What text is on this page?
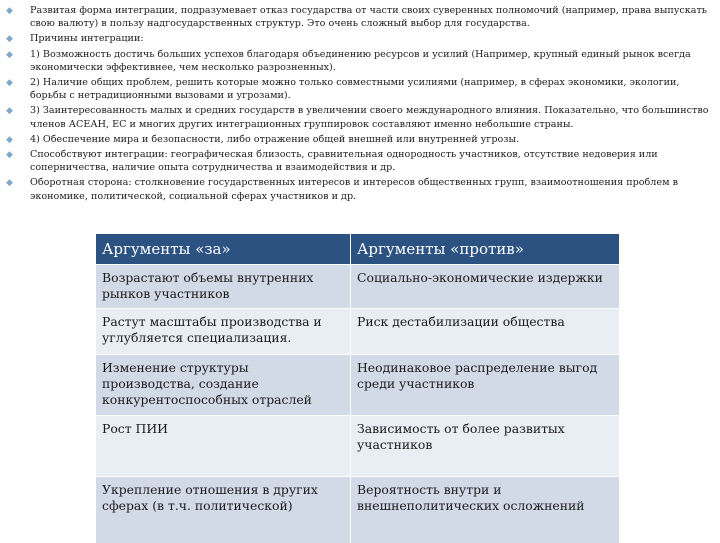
◆ Развитая форма интеграции, подразумевает отказ государства от части своих суверенных полномочий (например, права выпускать свою валюту) в пользу надгосударственных структур. Это очень сложный выбор для государства.
◆ Причины интеграции:
◆ 1) Возможность достичь больших успехов благодаря объединению ресурсов и усилий (Например, крупный единый рынок всегда экономически эффективнее, чем несколько разрозненных).
◆ 2) Наличие общих проблем, решить которые можно только совместными усилиями (например, в сферах экономики, экологии, борьбы с нетрадиционными вызовами и угрозами).
◆ 3) Заинтересованность малых и средних государств в увеличении своего международного влияния. Показательно, что большинство членов АСЕАН, ЕС и многих других интеграционных группировок составляют именно небольшие страны.
◆ 4) Обеспечение мира и безопасности, либо отражение общей внешней или внутренней угрозы.
◆ Способствуют интеграции: географическая близость, сравнительная однородность участников, отсутствие недоверия или соперничества, наличие опыта сотрудничества и взаимодействия и др.
◆ Оборотная сторона: столкновение государственных интересов и интересов общественных групп, взаимоотношения проблем в экономике, политической, социальной сферах участников и др.
Аргументы «за»	Аргументы «против»
Возрастают объемы внутренних рынков участников	Социально-экономические издержки
Растут масштабы производства и углубляется специализация.	Риск дестабилизации общества
Изменение структуры производства, создание конкурентоспособных отраслей	Неодинаковое распределение выгод среди участников
Рост ПИИ	Зависимость от более развитых участников
Укрепление отношения в других сферах (в т.ч. политической)	Вероятность внутри и внешнеполитических осложнений
